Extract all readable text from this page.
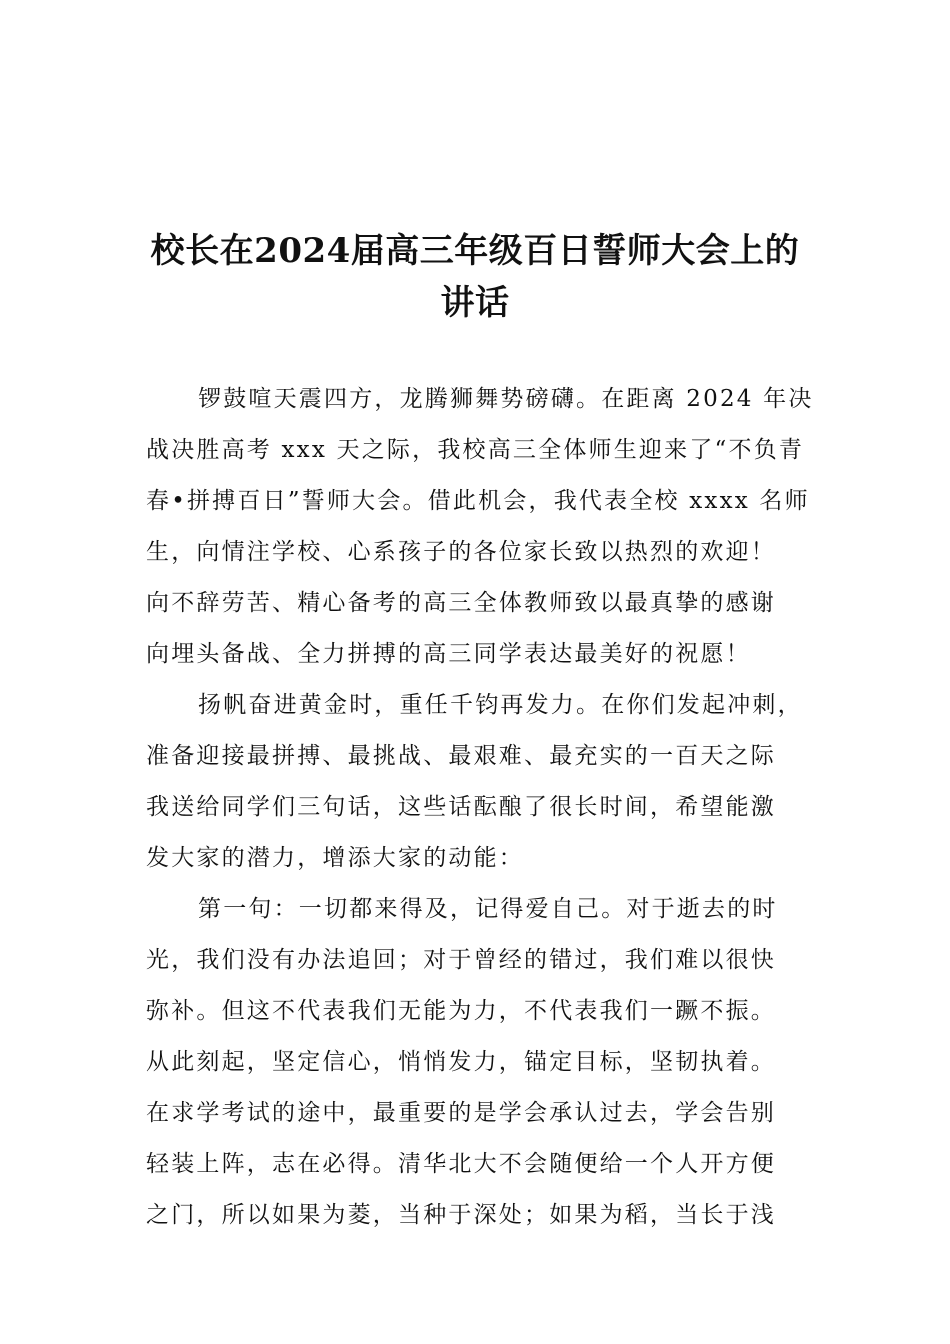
校长在2024届高三年级百日誓师大会上的
讲话
锣鼓喧天震四方，龙腾狮舞势磅礴。在距离 2024 年决
战决胜高考 xxx 天之际，我校高三全体师生迎来了“不负青
春•拼搏百日”誓师大会。借此机会，我代表全校 xxxx 名师
生，向情注学校、心系孩子的各位家长致以热烈的欢迎！
向不辞劳苦、精心备考的高三全体教师致以最真挚的感谢
向埋头备战、全力拼搏的高三同学表达最美好的祝愿！
扬帆奋进黄金时，重任千钧再发力。在你们发起冲刺，
准备迎接最拼搏、最挑战、最艰难、最充实的一百天之际
我送给同学们三句话，这些话酝酿了很长时间，希望能激
发大家的潜力，增添大家的动能：
第一句：一切都来得及，记得爱自己。对于逝去的时
光，我们没有办法追回；对于曾经的错过，我们难以很快
弥补。但这不代表我们无能为力，不代表我们一蹶不振。
从此刻起，坚定信心，悄悄发力，锚定目标，坚韧执着。
在求学考试的途中，最重要的是学会承认过去，学会告别
轻装上阵，志在必得。清华北大不会随便给一个人开方便
之门，所以如果为菱，当种于深处；如果为稻，当长于浅
